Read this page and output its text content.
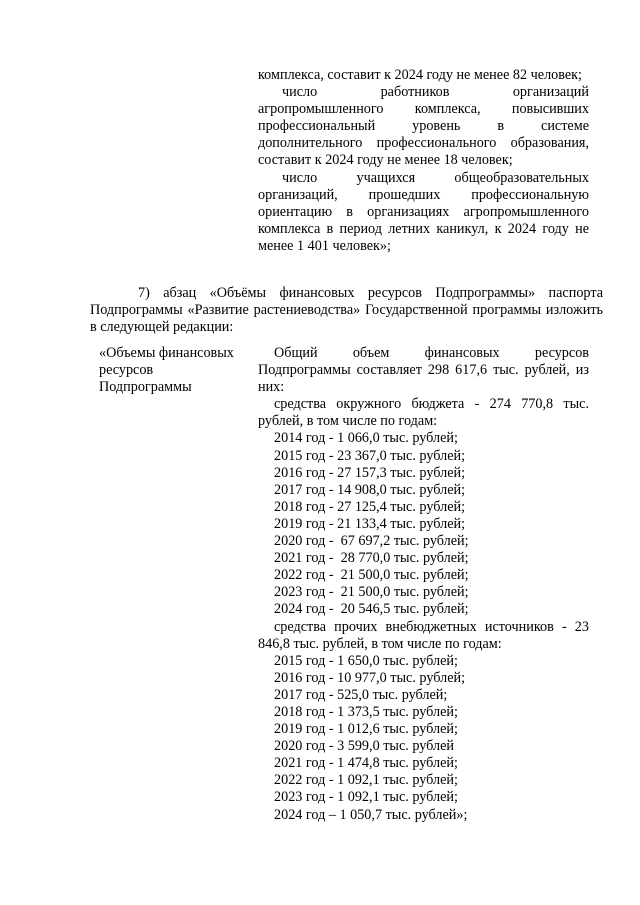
комплекса, составит к 2024 году не менее 82 человек;

число работников организаций агропромышленного комплекса, повысивших профессиональный уровень в системе дополнительного профессионального образования, составит к 2024 году не менее 18 человек;

число учащихся общеобразовательных организаций, прошедших профессиональную ориентацию в организациях агропромышленного комплекса в период летних каникул, к 2024 году не менее 1 401 человек»;

7) абзац «Объёмы финансовых ресурсов Подпрограммы» паспорта Подпрограммы «Развитие растениеводства» Государственной программы изложить в следующей редакции:

«Объемы финансовых ресурсов Подпрограммы

Общий объем финансовых ресурсов Подпрограммы составляет 298 617,6 тыс. рублей, из них:

средства окружного бюджета - 274 770,8 тыс. рублей, в том числе по годам:

2014 год - 1 066,0 тыс. рублей;

2015 год - 23 367,0 тыс. рублей;

2016 год - 27 157,3 тыс. рублей;

2017 год - 14 908,0 тыс. рублей;

2018 год - 27 125,4 тыс. рублей;

2019 год - 21 133,4 тыс. рублей;

2020 год -  67 697,2 тыс. рублей;

2021 год -  28 770,0 тыс. рублей;

2022 год -  21 500,0 тыс. рублей;

2023 год -  21 500,0 тыс. рублей;

2024 год -  20 546,5 тыс. рублей;

средства прочих внебюджетных источников - 23 846,8 тыс. рублей, в том числе по годам:

2015 год - 1 650,0 тыс. рублей;

2016 год - 10 977,0 тыс. рублей;

2017 год - 525,0 тыс. рублей;

2018 год - 1 373,5 тыс. рублей;

2019 год - 1 012,6 тыс. рублей;

2020 год - 3 599,0 тыс. рублей

2021 год - 1 474,8 тыс. рублей;

2022 год - 1 092,1 тыс. рублей;

2023 год - 1 092,1 тыс. рублей;

2024 год – 1 050,7 тыс. рублей»;
